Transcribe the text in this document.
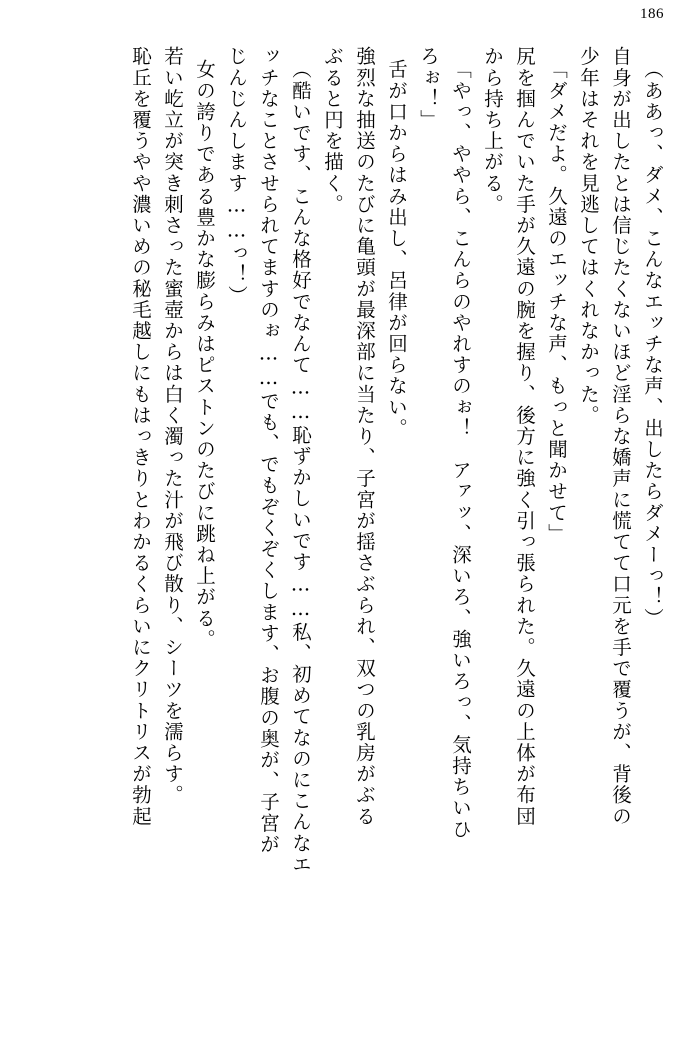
186
（ああっ、ダメ、こんなエッチな声、出したらダメーっ！）
自身が出したとは信じたくないほど淫らな嬌声に慌てて口元を手で覆うが、背後の
少年はそれを見逃してはくれなかった。
「ダメだよ。久遠のエッチな声、もっと聞かせて」
尻を掴んでいた手が久遠の腕を握り、後方に強く引っ張られた。久遠の上体が布団
から持ち上がる。
「やっ、ややら、こんらのやれすのぉ！　アァッ、深いろ、強いろっ、気持ちいひ
ろぉ！」
舌が口からはみ出し、呂律が回らない。
強烈な抽送のたびに亀頭が最深部に当たり、子宮が揺さぶられ、双つの乳房がぶる
ぶると円を描く。
（酷いです、こんな格好でなんて……恥ずかしいです……私、初めてなのにこんなエ
ッチなことさせられてますのぉ……でも、でもぞくぞくします、お腹の奥が、子宮が
じんじんします……っ！）
女の誇りである豊かな膨らみはピストンのたびに跳ね上がる。
若い屹立が突き刺さった蜜壺からは白く濁った汁が飛び散り、シーツを濡らす。
恥丘を覆うやや濃いめの秘毛越しにもはっきりとわかるくらいにクリトリスが勃起
